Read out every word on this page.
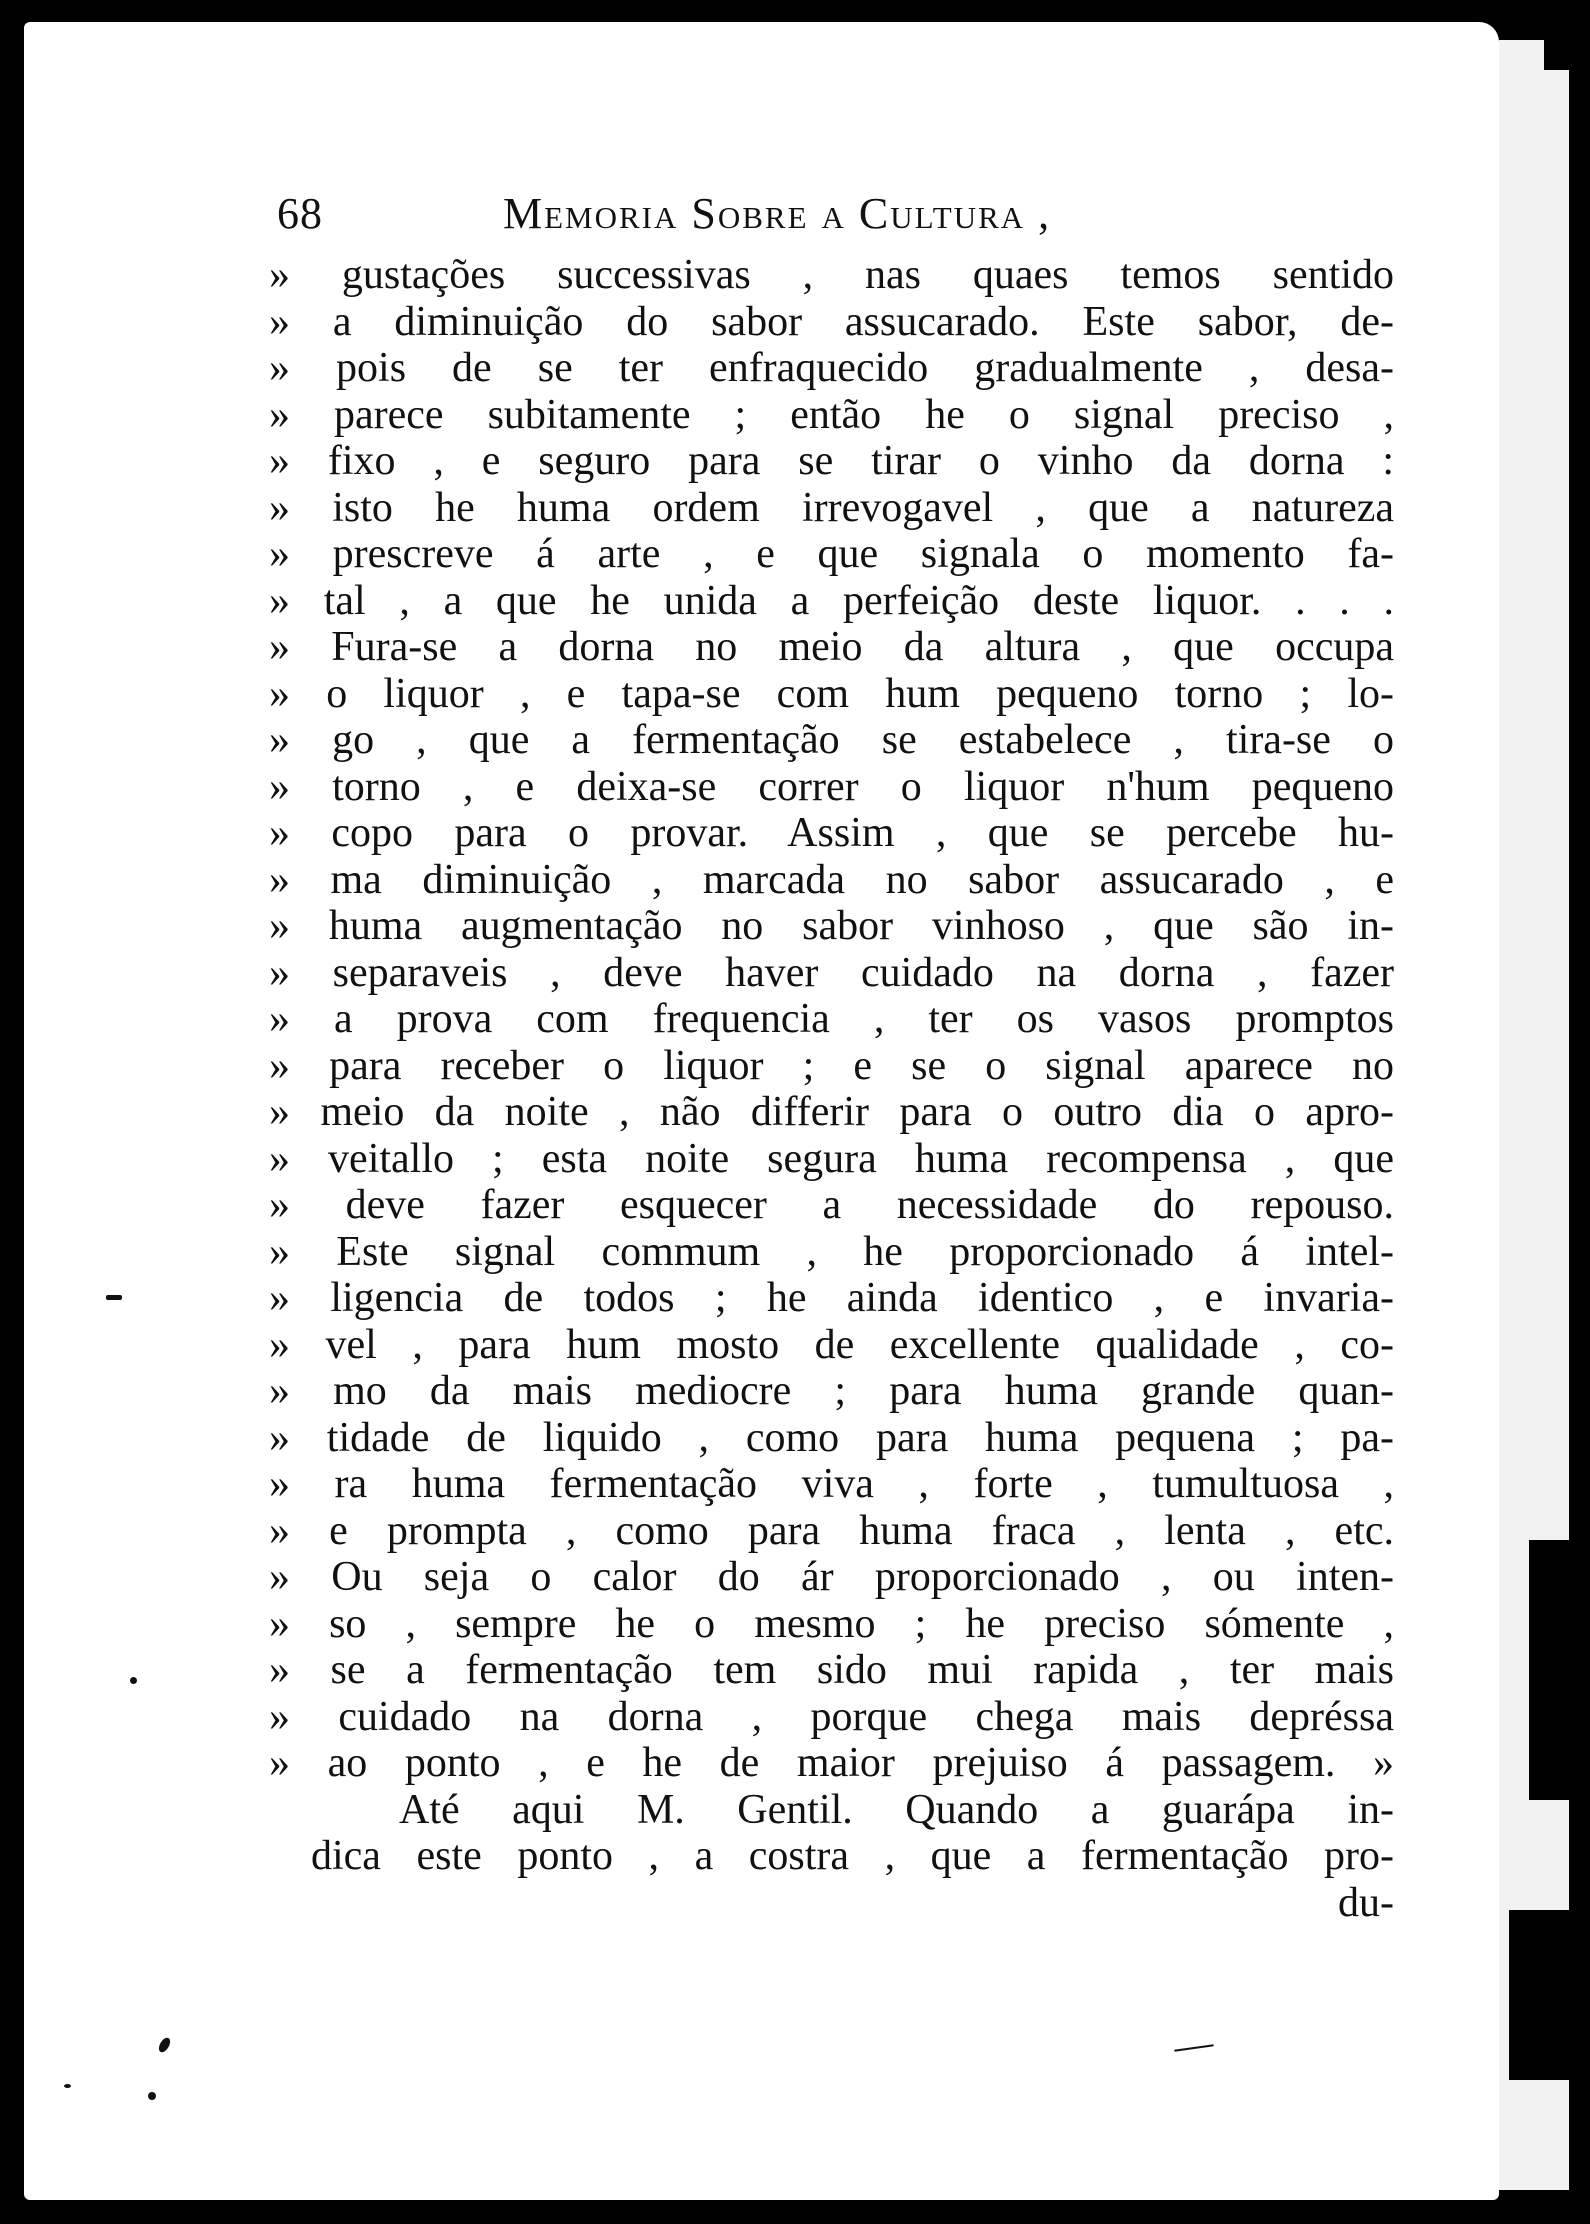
68	Memoria Sobre a Cultura ,
» gustações successivas , nas quaes temos sentido
» a diminuição do sabor assucarado. Este sabor, de-
» pois de se ter enfraquecido gradualmente , desa-
» parece subitamente ; então he o signal preciso ,
» fixo , e seguro para se tirar o vinho da dorna :
» isto he huma ordem irrevogavel , que a natureza
» prescreve á arte , e que signala o momento fa-
» tal , a que he unida a perfeição deste liquor. . . .
» Fura-se a dorna no meio da altura , que occupa
» o liquor , e tapa-se com hum pequeno torno ; lo-
» go , que a fermentação se estabelece , tira-se o
» torno , e deixa-se correr o liquor n'hum pequeno
» copo para o provar. Assim , que se percebe hu-
» ma diminuição , marcada no sabor assucarado , e
» huma augmentação no sabor vinhoso , que são in-
» separaveis , deve haver cuidado na dorna , fazer
» a prova com frequencia , ter os vasos promptos
» para receber o liquor ; e se o signal aparece no
» meio da noite , não differir para o outro dia o apro-
» veitallo ; esta noite segura huma recompensa , que
» deve fazer esquecer a necessidade do repouso.
» Este signal commum , he proporcionado á intel-
» ligencia de todos ; he ainda identico , e invaria-
» vel , para hum mosto de excellente qualidade , co-
» mo da mais mediocre ; para huma grande quan-
» tidade de liquido , como para huma pequena ; pa-
» ra huma fermentação viva , forte , tumultuosa ,
» e prompta , como para huma fraca , lenta , etc.
» Ou seja o calor do ár proporcionado , ou inten-
» so , sempre he o mesmo ; he preciso sómente ,
» se a fermentação tem sido mui rapida , ter mais
» cuidado na dorna , porque chega mais depréssa
» ao ponto , e he de maior prejuiso á passagem. »
Até aqui M. Gentil. Quando a guarápa in-
dica este ponto , a costra , que a fermentação pro-
du-
